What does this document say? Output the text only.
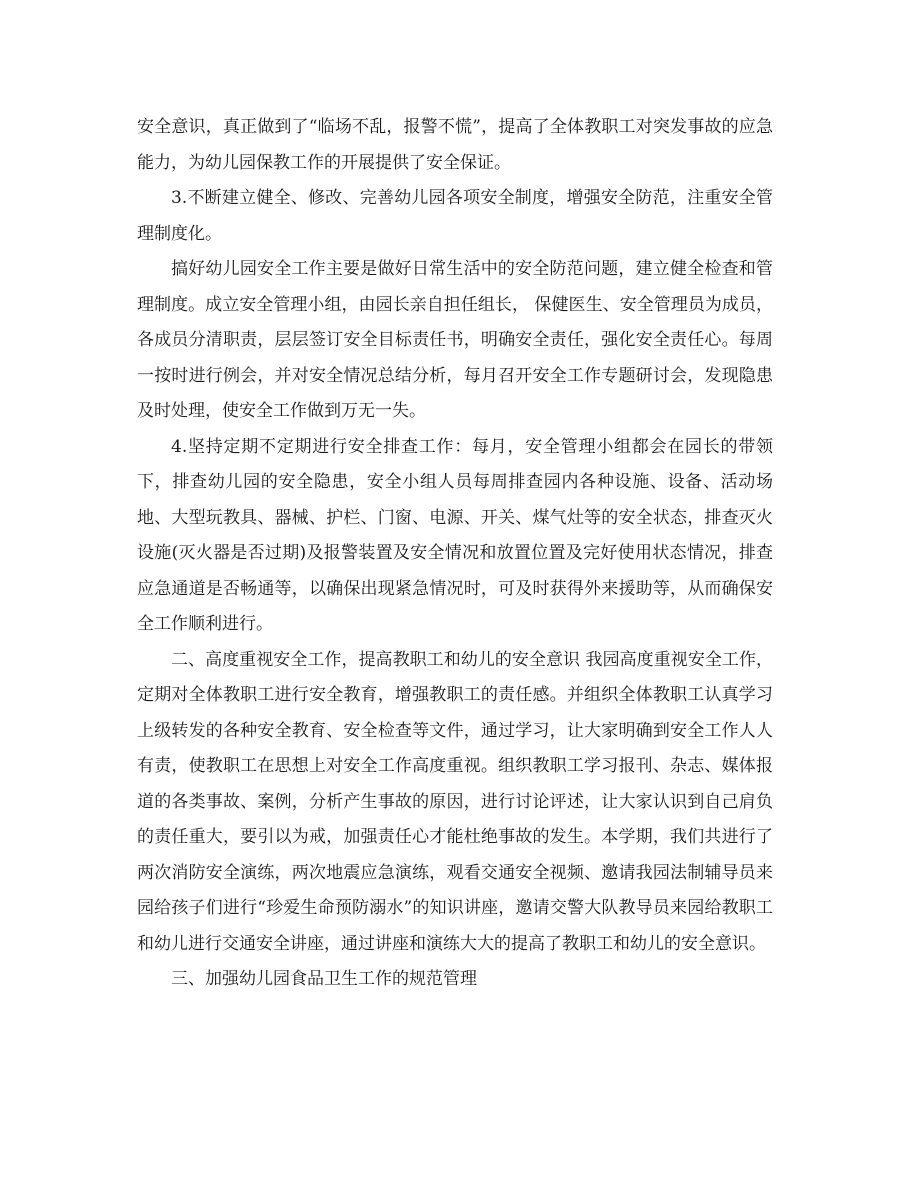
安全意识，真正做到了“临场不乱，报警不慌”，提高了全体教职工对突发事故的应急能力，为幼儿园保教工作的开展提供了安全保证。

3.不断建立健全、修改、完善幼儿园各项安全制度，增强安全防范，注重安全管理制度化。

搞好幼儿园安全工作主要是做好日常生活中的安全防范问题，建立健全检查和管理制度。成立安全管理小组，由园长亲自担任组长， 保健医生、安全管理员为成员，各成员分清职责，层层签订安全目标责任书，明确安全责任，强化安全责任心。每周一按时进行例会，并对安全情况总结分析，每月召开安全工作专题研讨会，发现隐患及时处理，使安全工作做到万无一失。

4.坚持定期不定期进行安全排查工作：每月，安全管理小组都会在园长的带领下，排查幼儿园的安全隐患，安全小组人员每周排查园内各种设施、设备、活动场地、大型玩教具、器械、护栏、门窗、电源、开关、煤气灶等的安全状态，排查灭火设施(灭火器是否过期)及报警装置及安全情况和放置位置及完好使用状态情况，排查应急通道是否畅通等，以确保出现紧急情况时，可及时获得外来援助等，从而确保安全工作顺利进行。

二、高度重视安全工作，提高教职工和幼儿的安全意识 我园高度重视安全工作，定期对全体教职工进行安全教育，增强教职工的责任感。并组织全体教职工认真学习上级转发的各种安全教育、安全检查等文件，通过学习，让大家明确到安全工作人人有责，使教职工在思想上对安全工作高度重视。组织教职工学习报刊、杂志、媒体报道的各类事故、案例，分析产生事故的原因，进行讨论评述，让大家认识到自己肩负的责任重大，要引以为戒，加强责任心才能杜绝事故的发生。本学期，我们共进行了两次消防安全演练，两次地震应急演练，观看交通安全视频、邀请我园法制辅导员来园给孩子们进行“珍爱生命预防溺水”的知识讲座，邀请交警大队教导员来园给教职工和幼儿进行交通安全讲座，通过讲座和演练大大的提高了教职工和幼儿的安全意识。

三、加强幼儿园食品卫生工作的规范管理
